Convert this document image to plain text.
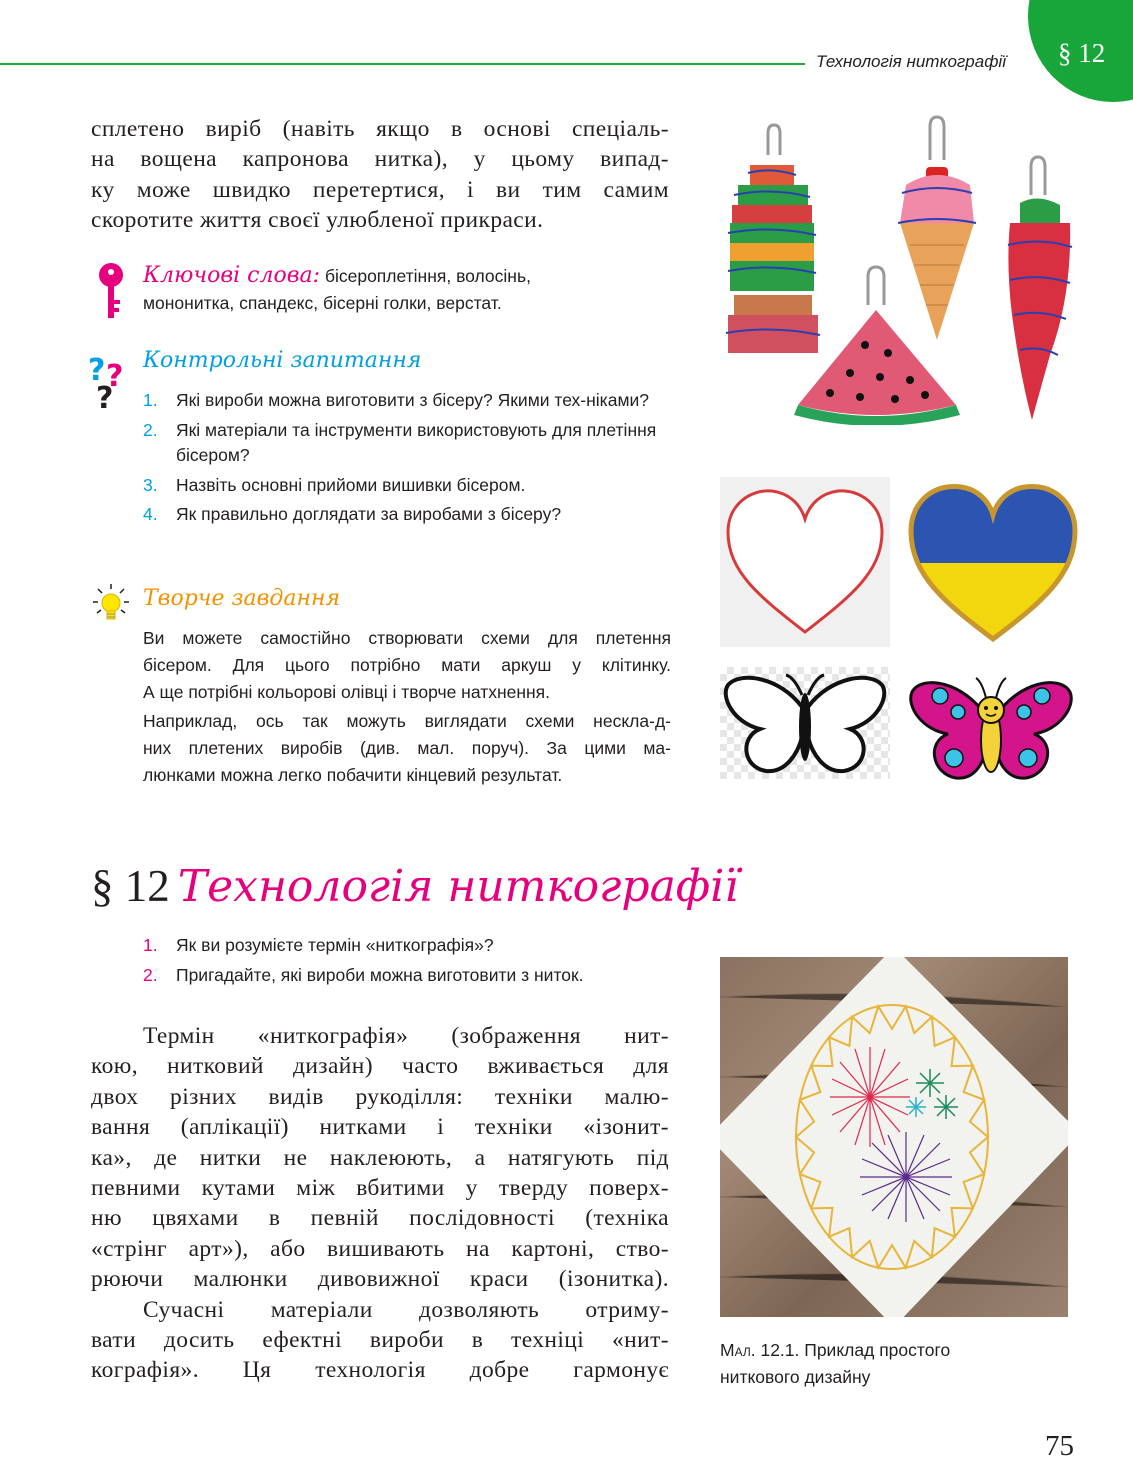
Технологія ниткографії § 12
сплетено виріб (навіть якщо в основі спеціаль-
на вощена капронова нитка), у цьому випад-
ку може швидко перетертися, і ви тим самим
скоротите життя своєї улюбленої прикраси.
Ключові слова: бісероплетіння, волосінь,
мононитка, спандекс, бісерні голки, верстат.
? ?
?
Контрольні запитання
1. Які вироби можна виготовити з бісеру? Якими тех-ніками?
2. Які матеріали та інструменти використовують для плетіння бісером?
3. Назвіть основні прийоми вишивки бісером.
4. Як правильно доглядати за виробами з бісеру?
Творче завдання
Ви можете самостійно створювати схеми для плетення
бісером. Для цього потрібно мати аркуш у клітинку.
А ще потрібні кольорові олівці і творче натхнення.
Наприклад, ось так можуть виглядати схеми нескла-д-
них плетених виробів (див. мал. поруч). За цими ма-
люнками можна легко побачити кінцевий результат.
§ 12 Технологія ниткографії
1. Як ви розумієте термін «ниткографія»?
2. Пригадайте, які вироби можна виготовити з ниток.
Термін «ниткографія» (зображення нит-
кою, нитковий дизайн) часто вживається для
двох різних видів рукоділля: техніки малю-
вання (аплікації) нитками і техніки «ізонит-
ка», де нитки не наклеюють, а натягують під
певними кутами між вбитими у тверду поверх-
ню цвяхами в певній послідовності (техніка
«стрінг арт»), або вишивають на картоні, ство-
рюючи малюнки дивовижної краси (ізонитка).
Сучасні матеріали дозволяють отриму-
вати досить ефектні вироби в техніці «нит-
кографія». Ця технологія добре гармонує
Мал. 12.1. Приклад простого
ниткового дизайну
75
